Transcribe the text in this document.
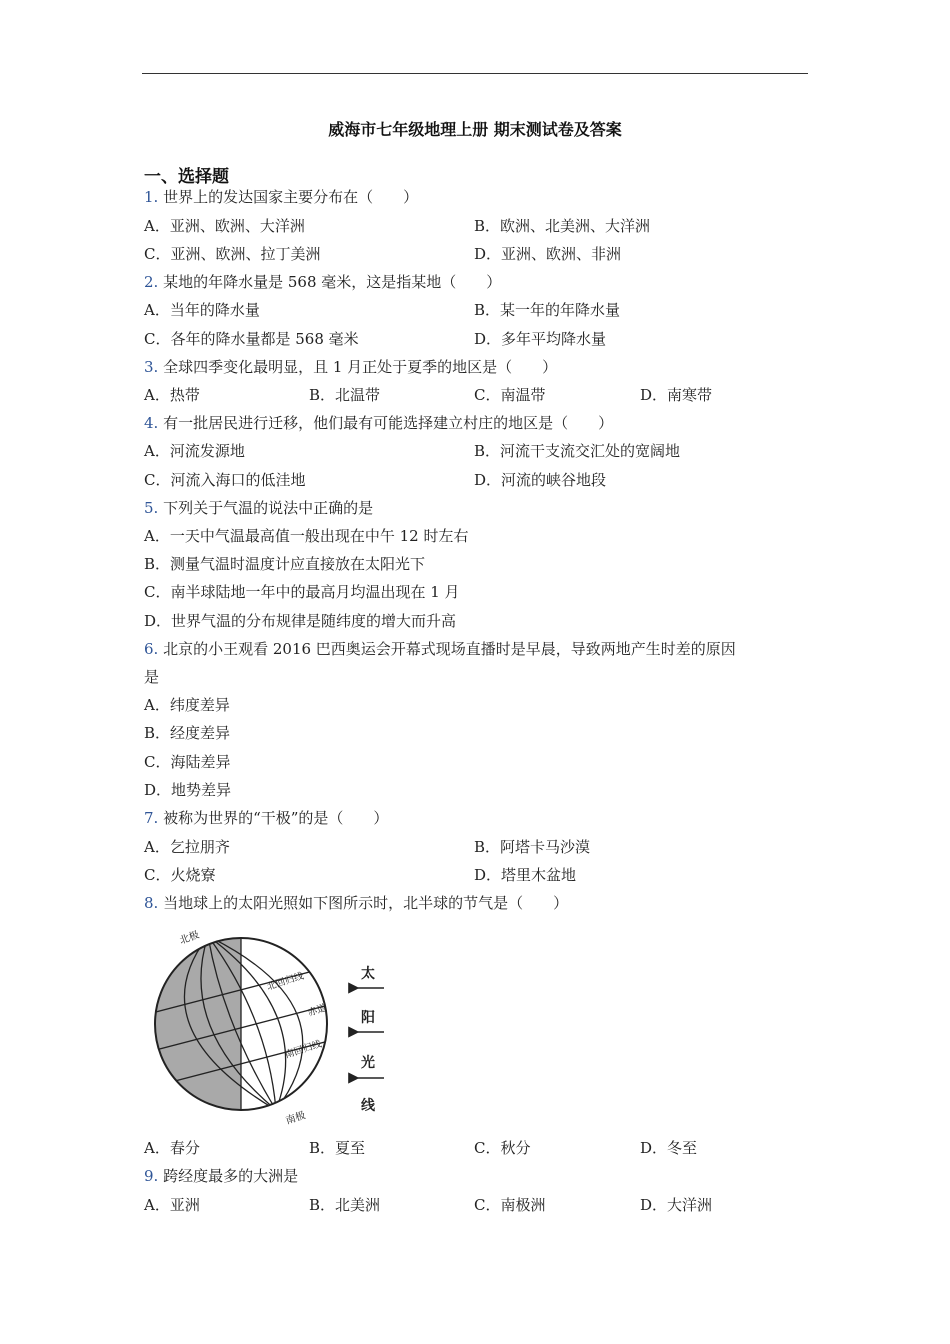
威海市七年级地理上册 期末测试卷及答案
一、选择题
1. 世界上的发达国家主要分布在（　　）
A．亚洲、欧洲、大洋洲	B．欧洲、北美洲、大洋洲
C．亚洲、欧洲、拉丁美洲	D．亚洲、欧洲、非洲
2. 某地的年降水量是 568 毫米，这是指某地（　　）
A．当年的降水量	B．某一年的年降水量
C．各年的降水量都是 568 毫米	D．多年平均降水量
3. 全球四季变化最明显，且 1 月正处于夏季的地区是（　　）
A．热带	B．北温带	C．南温带	D．南寒带
4. 有一批居民进行迁移，他们最有可能选择建立村庄的地区是（　　）
A．河流发源地	B．河流干支流交汇处的宽阔地
C．河流入海口的低洼地	D．河流的峡谷地段
5. 下列关于气温的说法中正确的是
A．一天中气温最高值一般出现在中午 12 时左右
B．测量气温时温度计应直接放在太阳光下
C．南半球陆地一年中的最高月均温出现在 1 月
D．世界气温的分布规律是随纬度的增大而升高
6. 北京的小王观看 2016 巴西奥运会开幕式现场直播时是早晨，导致两地产生时差的原因
是
A．纬度差异
B．经度差异
C．海陆差异
D．地势差异
7. 被称为世界的“干极”的是（　　）
A．乞拉朋齐	B．阿塔卡马沙漠
C．火烧寮	D．塔里木盆地
8. 当地球上的太阳光照如下图所示时，北半球的节气是（　　）
北极
北回归线
赤道
南回归线
南极
太
阳
光
线
A．春分	B．夏至	C．秋分	D．冬至
9. 跨经度最多的大洲是
A．亚洲	B．北美洲	C．南极洲	D．大洋洲
